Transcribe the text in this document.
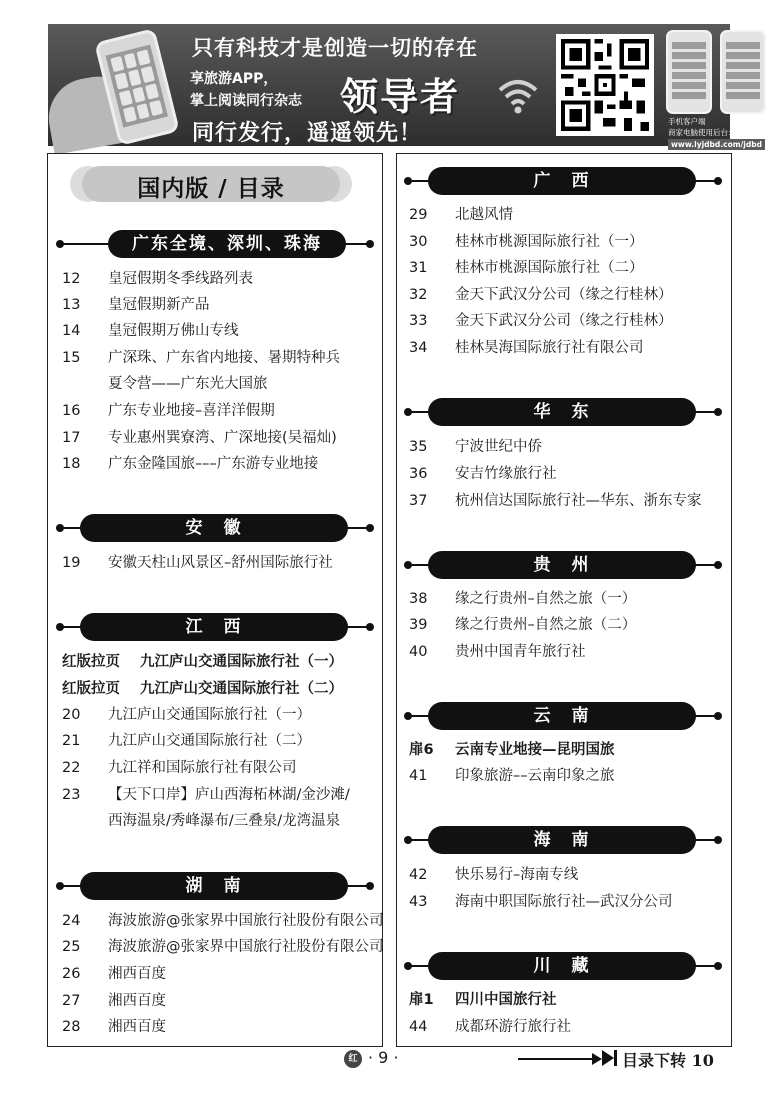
只有科技才是创造一切的存在
享旅游APP，
掌上阅读同行杂志 领导者
同行发行，遥遥领先！	手机客户端
商家电脑使用后台：
www.lyjdbd.com/jdbd
国内版 / 目录
广东全境、深圳、珠海
12 皇冠假期冬季线路列表
13 皇冠假期新产品
14 皇冠假期万佛山专线
15 广深珠、广东省内地接、暑期特种兵
夏令营——广东光大国旅
16 广东专业地接–喜洋洋假期
17 专业惠州巽寮湾、广深地接(吴福灿)
18 广东金隆国旅–––广东游专业地接
安　徽
19 安徽天柱山风景区–舒州国际旅行社
江　西
红版拉页 九江庐山交通国际旅行社（一）
红版拉页 九江庐山交通国际旅行社（二）
20 九江庐山交通国际旅行社（一）
21 九江庐山交通国际旅行社（二）
22 九江祥和国际旅行社有限公司
23 【天下口岸】庐山西海柘林湖/金沙滩/
西海温泉/秀峰瀑布/三叠泉/龙湾温泉
湖　南
24 海波旅游@张家界中国旅行社股份有限公司
25 海波旅游@张家界中国旅行社股份有限公司
26 湘西百度
27 湘西百度
28 湘西百度
广　西
29 北越风情
30 桂林市桃源国际旅行社（一）
31 桂林市桃源国际旅行社（二）
32 金天下武汉分公司（缘之行桂林）
33 金天下武汉分公司（缘之行桂林）
34 桂林昊海国际旅行社有限公司
华　东
35 宁波世纪中侨
36 安吉竹缘旅行社
37 杭州信达国际旅行社—华东、浙东专家
贵　州
38 缘之行贵州–自然之旅（一）
39 缘之行贵州–自然之旅（二）
40 贵州中国青年旅行社
云　南
扉6 云南专业地接—昆明国旅
41 印象旅游––云南印象之旅
海　南
42 快乐易行–海南专线
43 海南中职国际旅行社—武汉分公司
川　藏
扉1 四川中国旅行社
44 成都环游行旅行社
红 · 9 ·	目录下转 10
